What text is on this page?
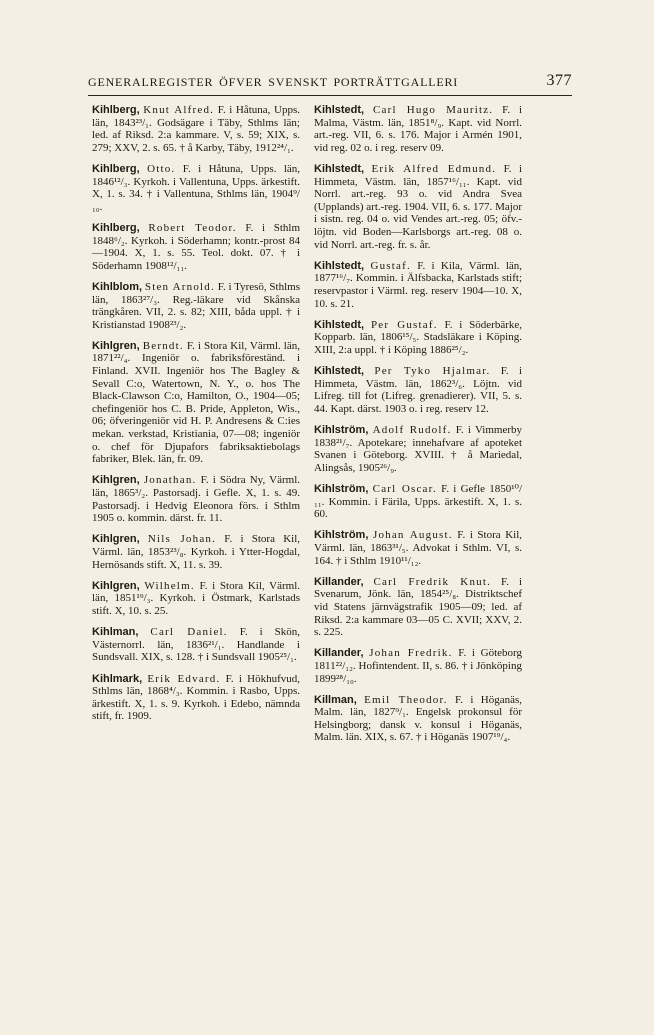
GENERALREGISTER ÖFVER SVENSKT PORTRÄTTGALLERI	377

Kihlberg, Knut Alfred. F. i Håtuna, Upps. län, 1843²³/₁. Godsägare i Täby, Sthlms län; led. af Riksd. 2:a kammare. V, s. 59; XIX, s. 279; XXV, 2. s. 65. † å Karby, Täby, 1912²⁴/₁.

Kihlberg, Otto. F. i Håtuna, Upps. län, 1846¹²/₃. Kyrkoh. i Vallentuna, Upps. ärkestift. X, 1. s. 34. † i Vallentuna, Sthlms län, 1904⁹/₁₀.

Kihlberg, Robert Teodor. F. i Sthlm 1848⁶/₂. Kyrkoh. i Söderhamn; kontr.-prost 84—1904. X, 1. s. 55. Teol. dokt. 07. † i Söderhamn 1908¹²/₁₁.

Kihlblom, Sten Arnold. F. i Tyresö, Sthlms län, 1863²⁷/₃. Reg.-läkare vid Skånska trängkåren. VII, 2. s. 82; XIII, båda uppl. † i Kristianstad 1908²³/₂.

Kihlgren, Berndt. F. i Stora Kil, Värml. län, 1871²²/₄. Ingeniör o. fabriksföreständ. i Finland. XVII. Ingeniör hos The Bagley & Sevall C:o, Watertown, N. Y., o. hos The Black-Clawson C:o, Hamilton, O., 1904—05; chefingeniör hos C. B. Pride, Appleton, Wis., 06; öfveringeniör vid H. P. Andresens & C:ies mekan. verkstad, Kristiania, 07—08; ingeniör o. chef för Djupafors fabriksaktiebolags fabriker, Blek. län, fr. 09.

Kihlgren, Jonathan. F. i Södra Ny, Värml. län, 1865³/₂. Pastorsadj. i Gefle. X, 1. s. 49. Pastorsadj. i Hedvig Eleonora förs. i Sthlm 1905 o. kommin. därst. fr. 11.

Kihlgren, Nils Johan. F. i Stora Kil, Värml. län, 1853²³/₈. Kyrkoh. i Ytter-Hogdal, Hernösands stift. X, 11. s. 39.

Kihlgren, Wilhelm. F. i Stora Kil, Värml. län, 1851¹⁹/₃. Kyrkoh. i Östmark, Karlstads stift. X, 10. s. 25.

Kihlman, Carl Daniel. F. i Skön, Västernorrl. län, 1836²¹/₁. Handlande i Sundsvall. XIX, s. 128. † i Sundsvall 1905²⁵/₁.

Kihlmark, Erik Edvard. F. i Hökhufvud, Sthlms län, 1868⁴/₃. Kommin. i Rasbo, Upps. ärkestift. X, 1. s. 9. Kyrkoh. i Edebo, nämnda stift, fr. 1909.

Kihlstedt, Carl Hugo Mauritz. F. i Malma, Västm. län, 1851⁸/₉. Kapt. vid Norrl. art.-reg. VII, 6. s. 176. Major i Armén 1901, vid reg. 02 o. i reg. reserv 09.

Kihlstedt, Erik Alfred Edmund. F. i Himmeta, Västm. län, 1857¹⁶/₁₁. Kapt. vid Norrl. art.-reg. 93 o. vid Andra Svea (Upplands) art.-reg. 1904. VII, 6. s. 177. Major i sistn. reg. 04 o. vid Vendes art.-reg. 05; öfv.-löjtn. vid Boden—Karlsborgs art.-reg. 08 o. vid Norrl. art.-reg. fr. s. år.

Kihlstedt, Gustaf. F. i Kila, Värml. län, 1877¹⁶/₇. Kommin. i Älfsbacka, Karlstads stift; reservpastor i Värml. reg. reserv 1904—10. X, 10. s. 21.

Kihlstedt, Per Gustaf. F. i Söderbärke, Kopparb. län, 1806¹⁵/₅. Stadsläkare i Köping. XIII, 2:a uppl. † i Köping 1886²⁵/₂.

Kihlstedt, Per Tyko Hjalmar. F. i Himmeta, Västm. län, 1862³/₆. Löjtn. vid Lifreg. till fot (Lifreg. grenadierer). VII, 5. s. 44. Kapt. därst. 1903 o. i reg. reserv 12.

Kihlström, Adolf Rudolf. F. i Vimmerby 1838²¹/₇. Apotekare; innehafvare af apoteket Svanen i Göteborg. XVIII. † å Mariedal, Alingsås, 1905²⁶/₉.

Kihlström, Carl Oscar. F. i Gefle 1850¹⁰/₁₁. Kommin. i Färila, Upps. ärkestift. X, 1. s. 60.

Kihlström, Johan August. F. i Stora Kil, Värml. län, 1863³¹/₅. Advokat i Sthlm. VI, s. 164. † i Sthlm 1910¹¹/₁₂.

Killander, Carl Fredrik Knut. F. i Svenarum, Jönk. län, 1854²⁵/₈. Distriktschef vid Statens järnvägstrafik 1905—09; led. af Riksd. 2:a kammare 03—05 C. XVII; XXV, 2. s. 225.

Killander, Johan Fredrik. F. i Göteborg 1811²²/₁₂. Hofintendent. II, s. 86. † i Jönköping 1899²⁸/₁₀.

Killman, Emil Theodor. F. i Höganäs, Malm. län, 1827⁹/₁. Engelsk prokonsul för Helsingborg; dansk v. konsul i Höganäs, Malm. län. XIX, s. 67. † i Höganäs 1907¹⁹/₄.
